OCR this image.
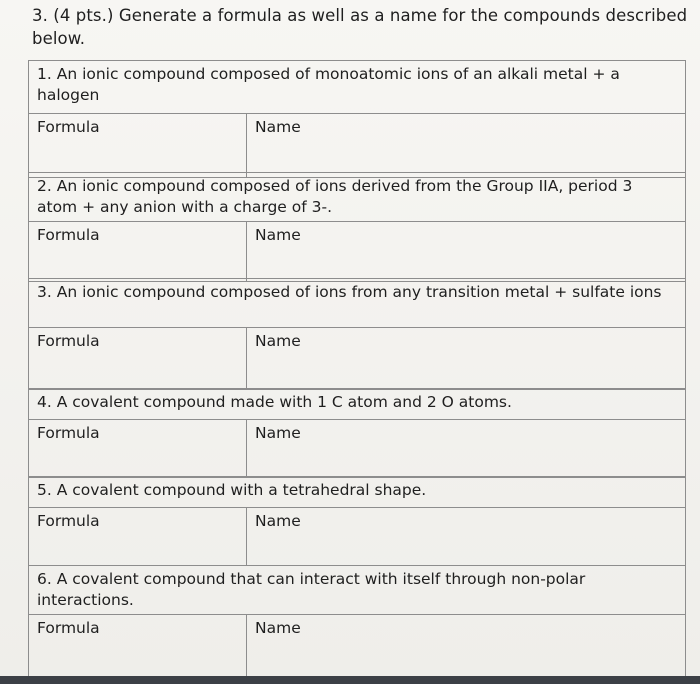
3. (4 pts.) Generate a formula as well as a name for the compounds described below.
1. An ionic compound composed of monoatomic ions of an alkali metal + a halogen
Formula	Name
2. An ionic compound composed of ions derived from the Group IIA, period 3 atom + any anion with a charge of 3-.
Formula	Name
3. An ionic compound composed of ions from any transition metal + sulfate ions
Formula	Name
4. A covalent compound made with 1 C atom and 2 O atoms.
Formula	Name
5. A covalent compound with a tetrahedral shape.
Formula	Name
6. A covalent compound that can interact with itself through non-polar interactions.
Formula	Name
